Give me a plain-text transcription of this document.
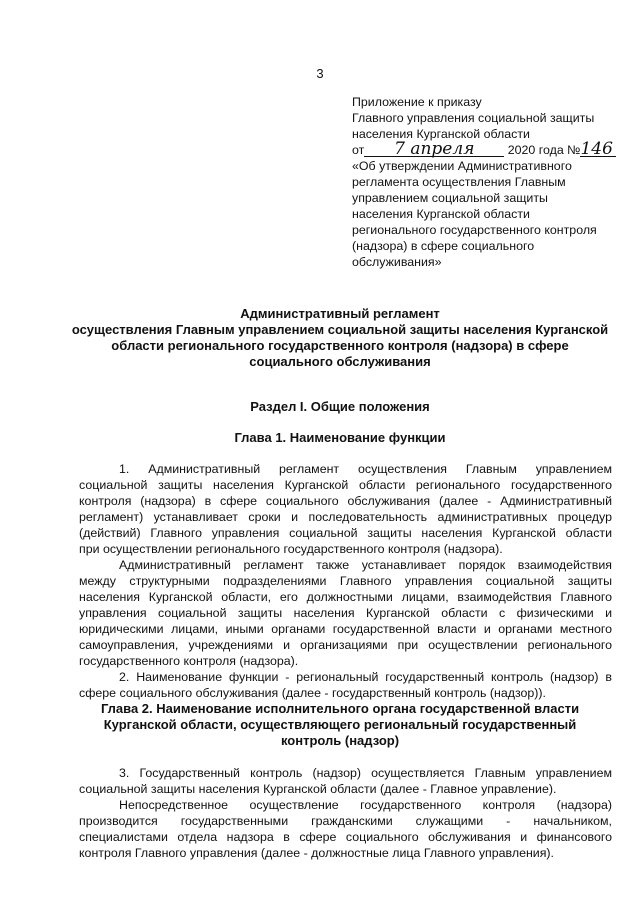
3
Приложение к приказу
Главного управления социальной защиты
населения Курганской области
от 7 апреля	2020 года №146
«Об утверждении Административного
регламента осуществления Главным
управлением социальной защиты
населения Курганской области
регионального государственного контроля
(надзора) в сфере социального
обслуживания»
Административный регламент
осуществления Главным управлением социальной защиты населения Курганской
области регионального государственного контроля (надзора) в сфере
социального обслуживания
Раздел I. Общие положения
Глава 1. Наименование функции
1. Административный регламент осуществления Главным управлением
социальной защиты населения Курганской области регионального государственного
контроля (надзора) в сфере социального обслуживания (далее - Административный
регламент) устанавливает сроки и последовательность административных процедур
(действий) Главного управления социальной защиты населения Курганской области
при осуществлении регионального государственного контроля (надзора).
Административный регламент также устанавливает порядок взаимодействия
между структурными подразделениями Главного управления социальной защиты
населения Курганской области, его должностными лицами, взаимодействия Главного
управления социальной защиты населения Курганской области с физическими и
юридическими лицами, иными органами государственной власти и органами местного
самоуправления, учреждениями и организациями при осуществлении регионального
государственного контроля (надзора).
2. Наименование функции - региональный государственный контроль (надзор) в
сфере социального обслуживания (далее - государственный контроль (надзор)).
Глава 2. Наименование исполнительного органа государственной власти
Курганской области, осуществляющего региональный государственный
контроль (надзор)
3. Государственный контроль (надзор) осуществляется Главным управлением
социальной защиты населения Курганской области (далее - Главное управление).
Непосредственное осуществление государственного контроля (надзора)
производится государственными гражданскими служащими - начальником,
специалистами отдела надзора в сфере социального обслуживания и финансового
контроля Главного управления (далее - должностные лица Главного управления).
